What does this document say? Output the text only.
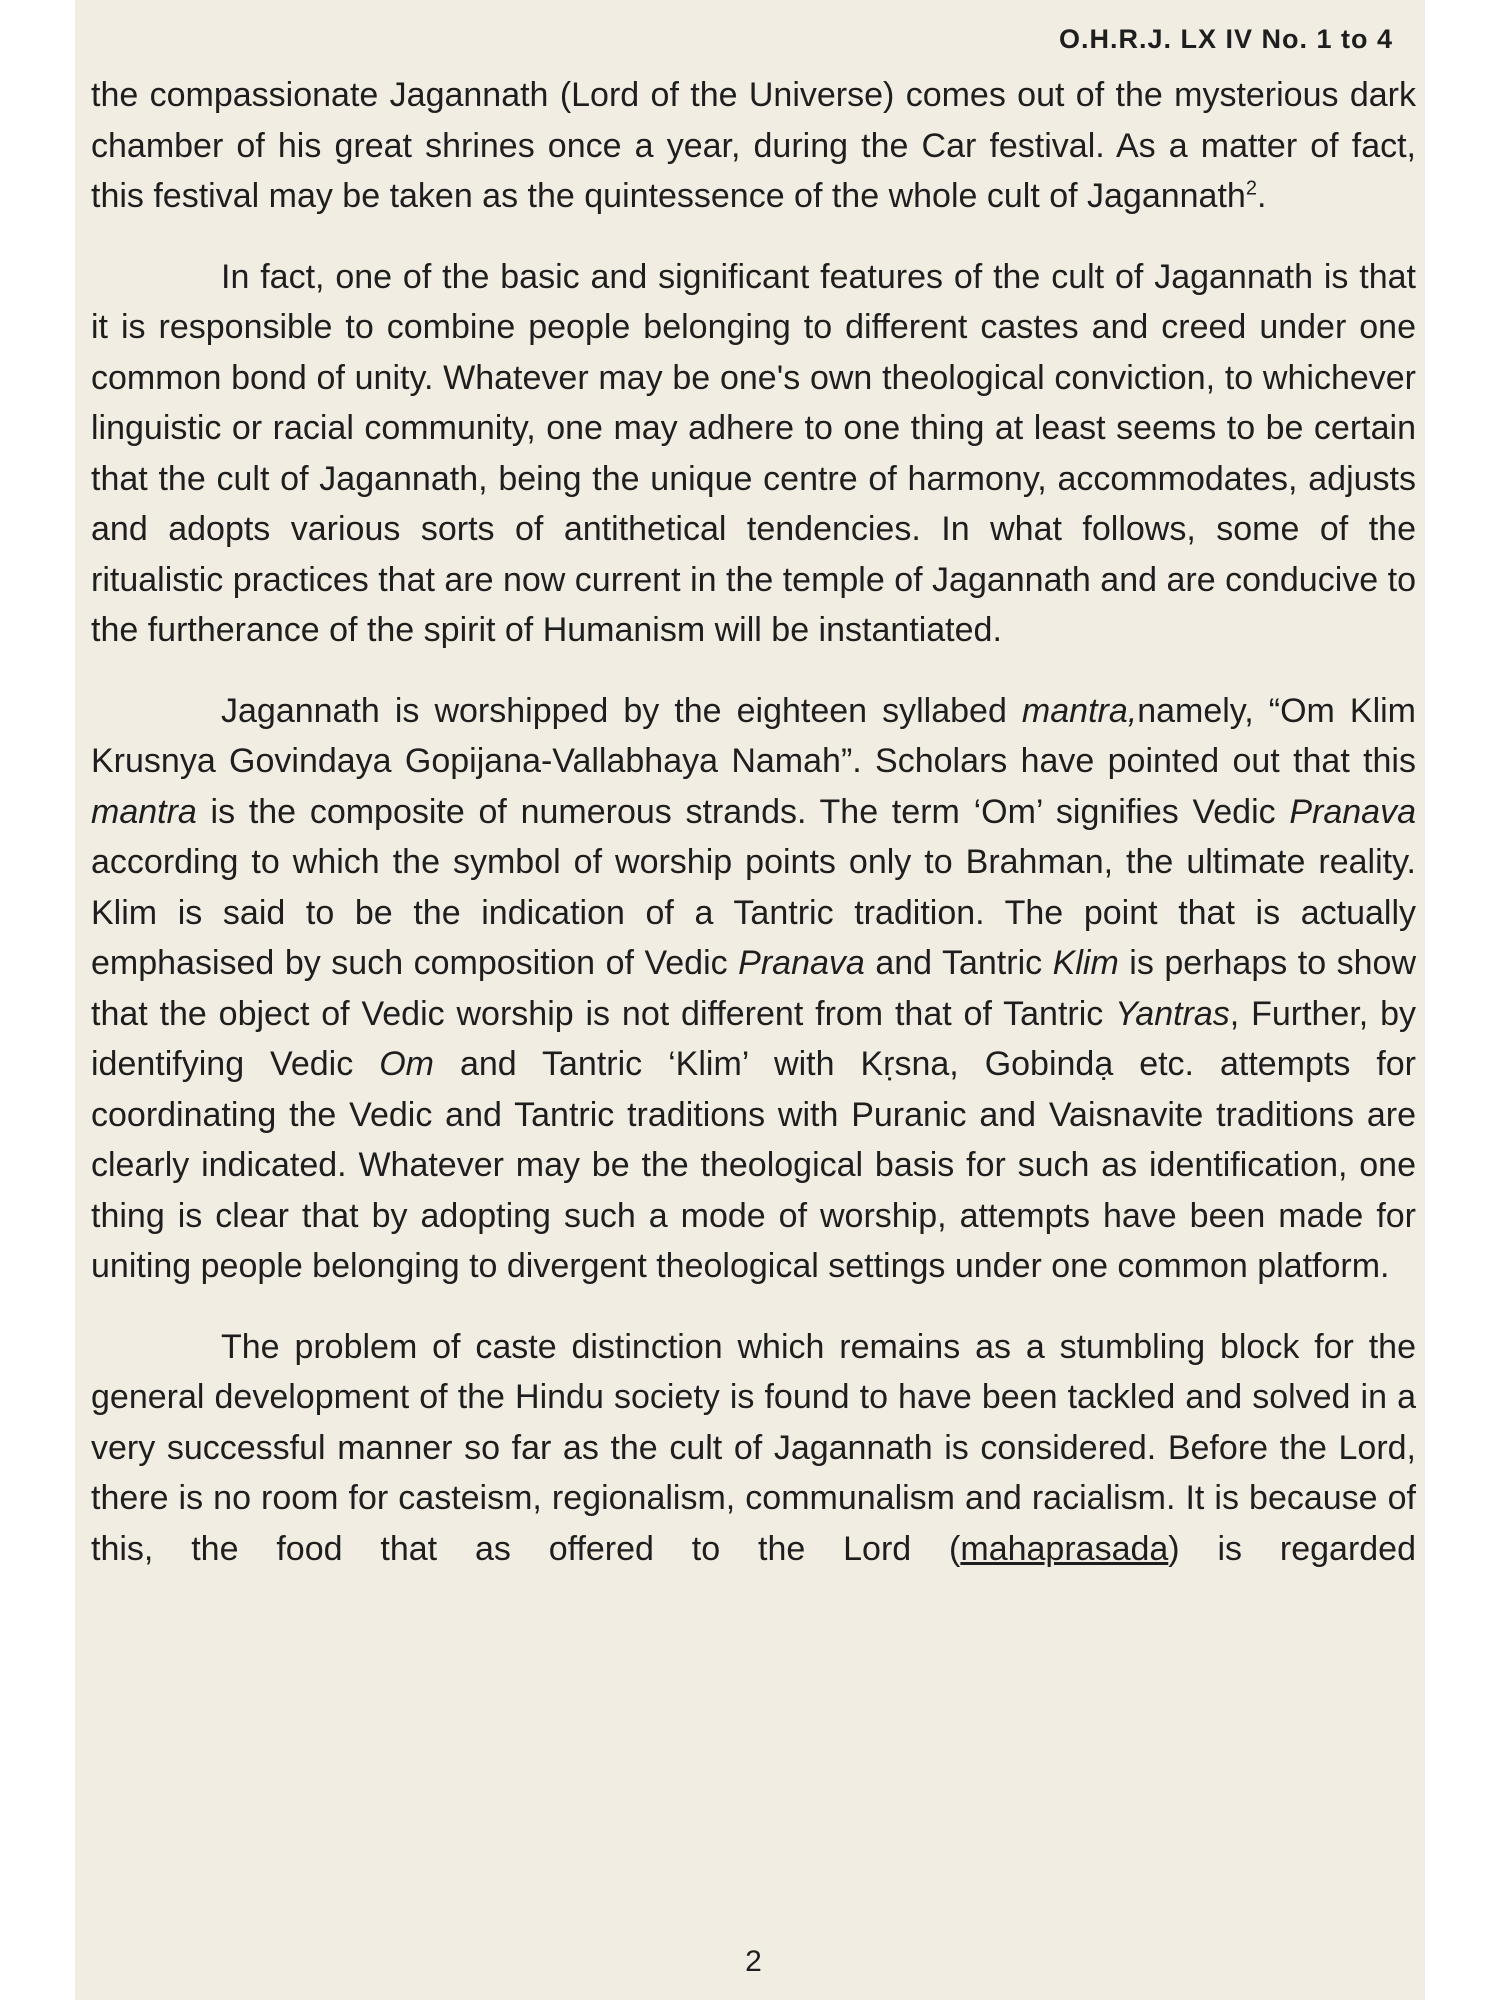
O.H.R.J. LX IV No. 1 to 4

the compassionate Jagannath (Lord of the Universe) comes out of the mysterious dark chamber of his great shrines once a year, during the Car festival. As a matter of fact, this festival may be taken as the quintessence of the whole cult of Jagannath$^2$.

In fact, one of the basic and significant features of the cult of Jagannath is that it is responsible to combine people belonging to different castes and creed under one common bond of unity. Whatever may be one's own theological conviction, to whichever linguistic or racial community, one may adhere to one thing at least seems to be certain that the cult of Jagannath, being the unique centre of harmony, accommodates, adjusts and adopts various sorts of antithetical tendencies. In what follows, some of the ritualistic practices that are now current in the temple of Jagannath and are conducive to the furtherance of the spirit of Humanism will be instantiated.

Jagannath is worshipped by the eighteen syllabed mantra,namely, “Om Klim Krusnya Govindaya Gopijana-Vallabhaya Namah”. Scholars have pointed out that this mantra is the composite of numerous strands. The term ‘Om’ signifies Vedic Pranava according to which the symbol of worship points only to Brahman, the ultimate reality. Klim is said to be the indication of a Tantric tradition. The point that is actually emphasised by such composition of Vedic Pranava and Tantric Klim is perhaps to show that the object of Vedic worship is not different from that of Tantric Yantras, Further, by identifying Vedic Om and Tantric ‘Klim’ with Kṛsna, Gobindạ etc. attempts for coordinating the Vedic and Tantric traditions with Puranic and Vaisnavite traditions are clearly indicated. Whatever may be the theological basis for such as identification, one thing is clear that by adopting such a mode of worship, attempts have been made for uniting people belonging to divergent theological settings under one common platform.

The problem of caste distinction which remains as a stumbling block for the general development of the Hindu society is found to have been tackled and solved in a very successful manner so far as the cult of Jagannath is considered. Before the Lord, there is no room for casteism, regionalism, communalism and racialism. It is because of this, the food that as offered to the Lord (mahaprasada) is regarded

2
